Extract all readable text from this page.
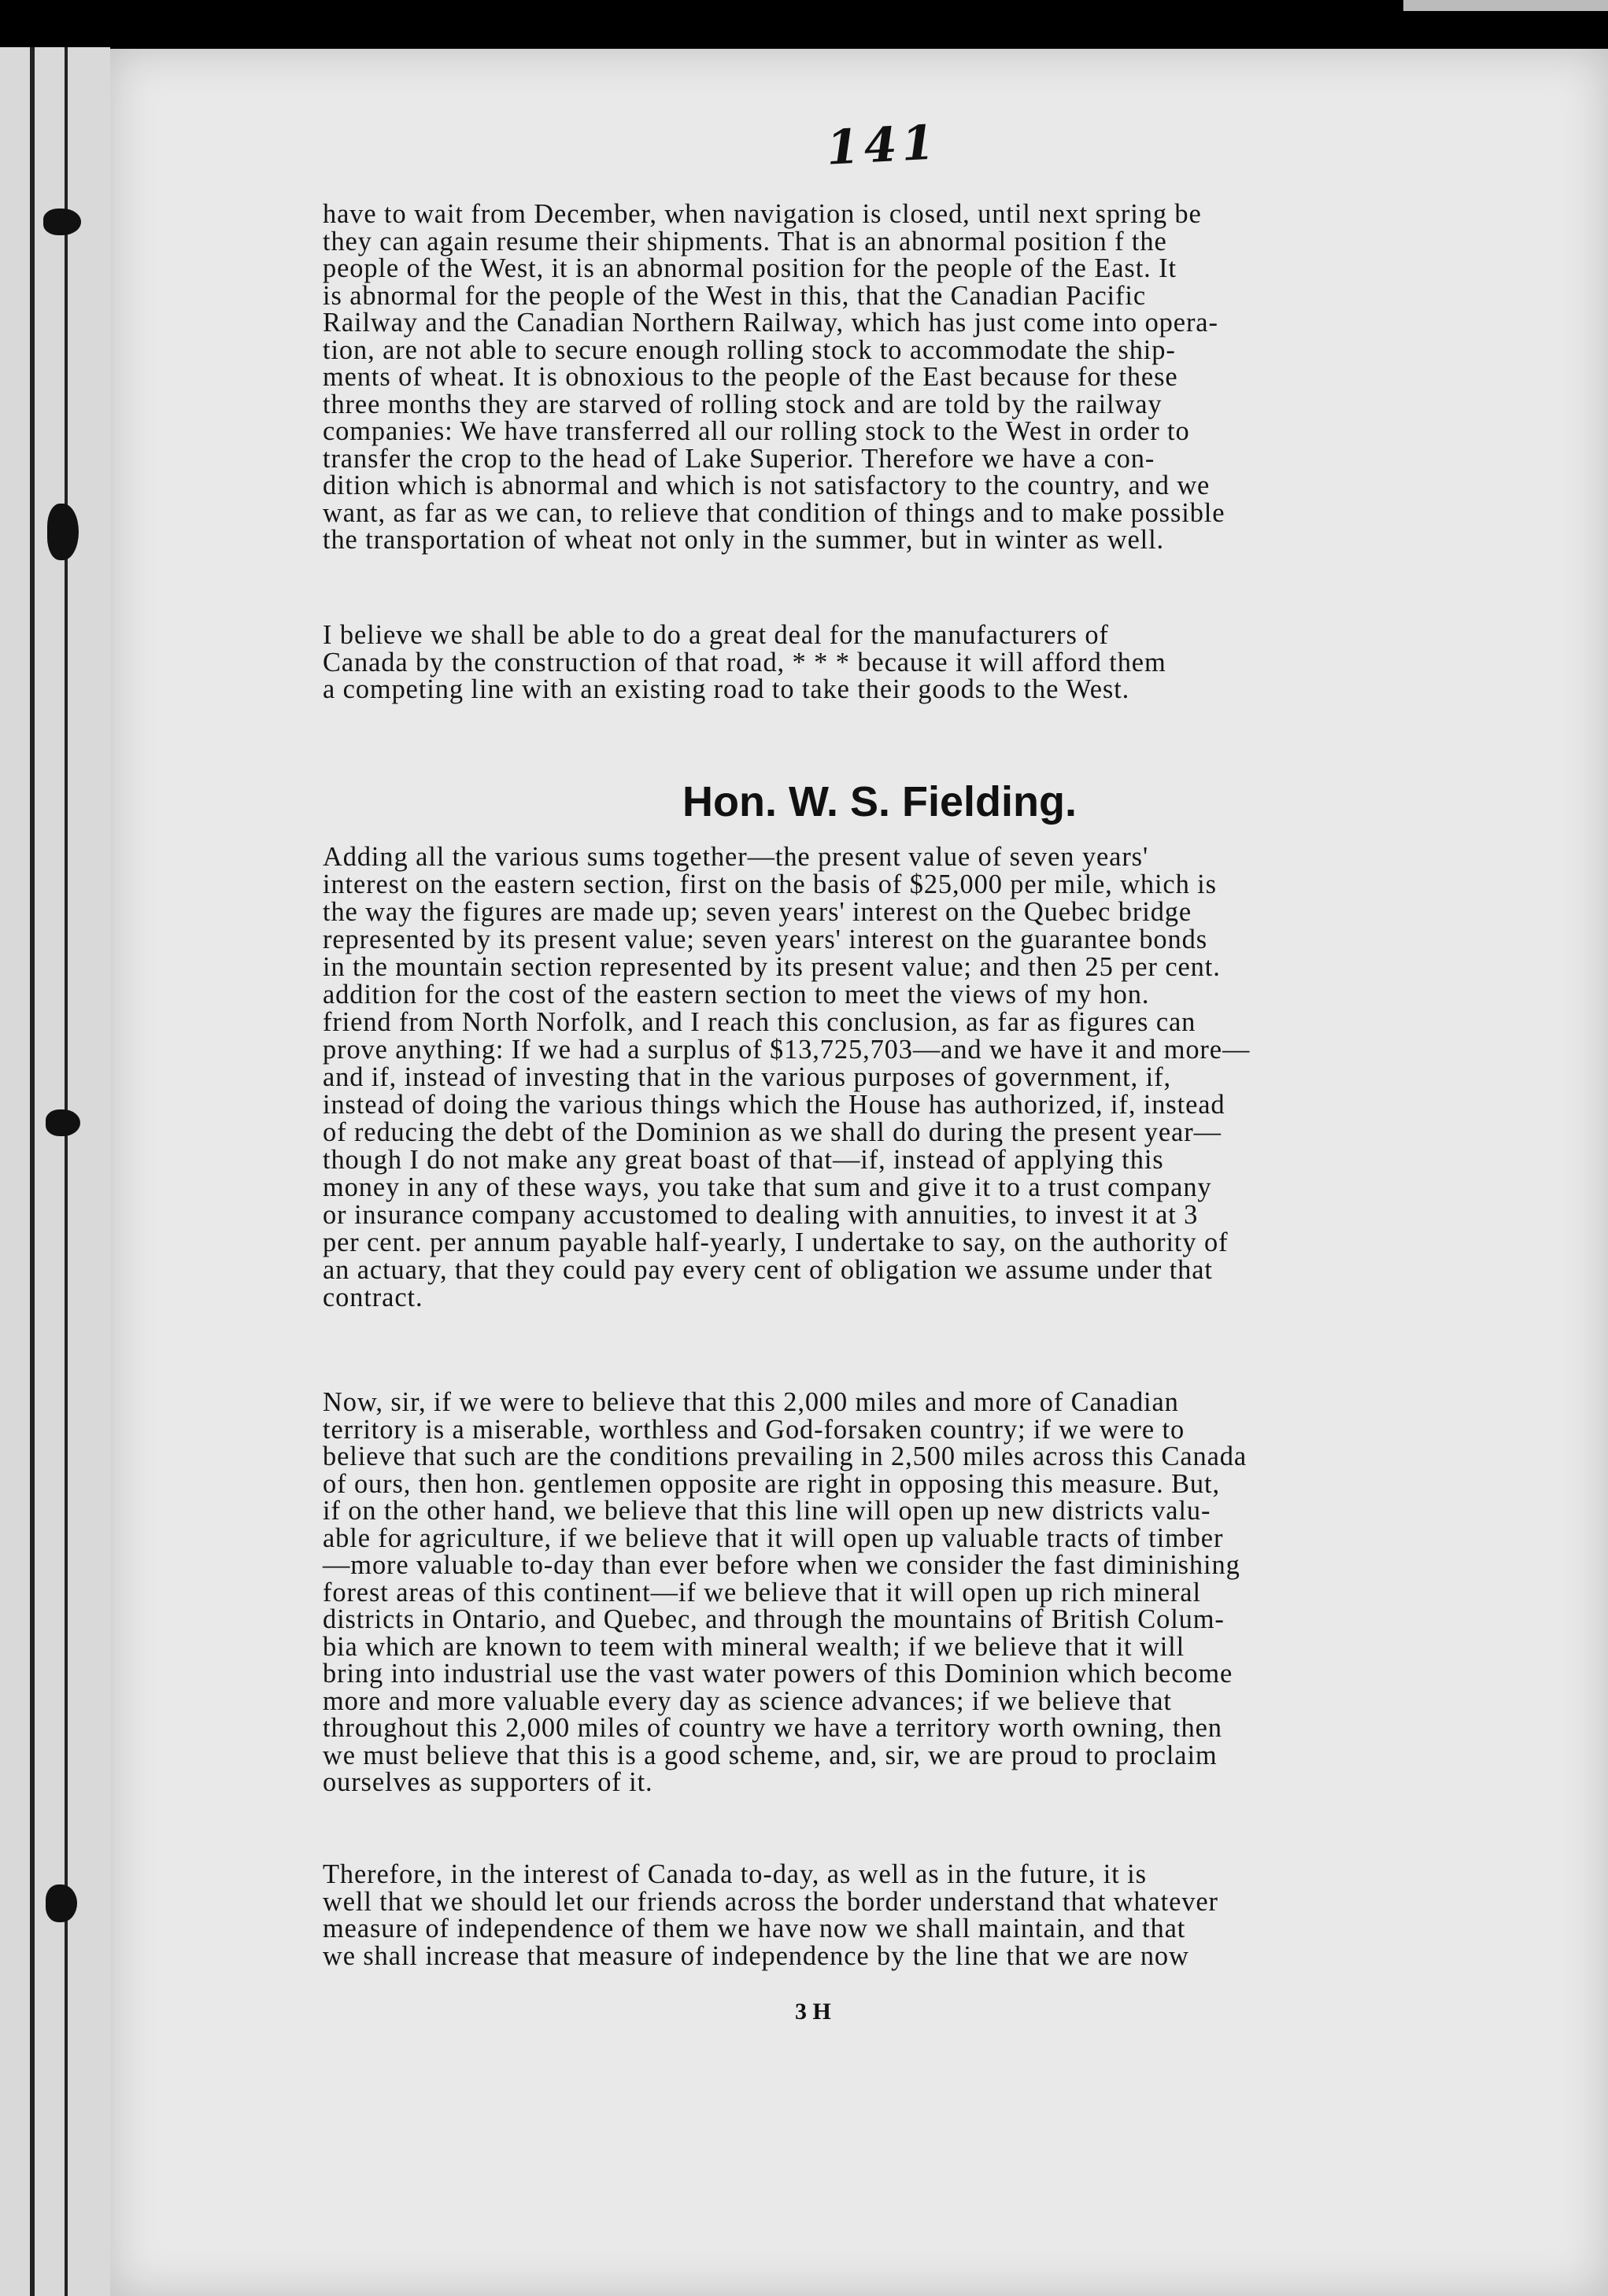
141
have to wait from December, when navigation is closed, until next spring be
they can again resume their shipments. That is an abnormal position f the
people of the West, it is an abnormal position for the people of the East. It
is abnormal for the people of the West in this, that the Canadian Pacific
Railway and the Canadian Northern Railway, which has just come into opera-
tion, are not able to secure enough rolling stock to accommodate the ship-
ments of wheat. It is obnoxious to the people of the East because for these
three months they are starved of rolling stock and are told by the railway
companies: We have transferred all our rolling stock to the West in order to
transfer the crop to the head of Lake Superior. Therefore we have a con-
dition which is abnormal and which is not satisfactory to the country, and we
want, as far as we can, to relieve that condition of things and to make possible
the transportation of wheat not only in the summer, but in winter as well.
I believe we shall be able to do a great deal for the manufacturers of
Canada by the construction of that road, * * * because it will afford them
a competing line with an existing road to take their goods to the West.
Hon. W. S. Fielding.
Adding all the various sums together—the present value of seven years'
interest on the eastern section, first on the basis of $25,000 per mile, which is
the way the figures are made up; seven years' interest on the Quebec bridge
represented by its present value; seven years' interest on the guarantee bonds
in the mountain section represented by its present value; and then 25 per cent.
addition for the cost of the eastern section to meet the views of my hon.
friend from North Norfolk, and I reach this conclusion, as far as figures can
prove anything: If we had a surplus of $13,725,703—and we have it and more—
and if, instead of investing that in the various purposes of government, if,
instead of doing the various things which the House has authorized, if, instead
of reducing the debt of the Dominion as we shall do during the present year—
though I do not make any great boast of that—if, instead of applying this
money in any of these ways, you take that sum and give it to a trust company
or insurance company accustomed to dealing with annuities, to invest it at 3
per cent. per annum payable half-yearly, I undertake to say, on the authority of
an actuary, that they could pay every cent of obligation we assume under that
contract.
Now, sir, if we were to believe that this 2,000 miles and more of Canadian
territory is a miserable, worthless and God-forsaken country; if we were to
believe that such are the conditions prevailing in 2,500 miles across this Canada
of ours, then hon. gentlemen opposite are right in opposing this measure. But,
if on the other hand, we believe that this line will open up new districts valu-
able for agriculture, if we believe that it will open up valuable tracts of timber
—more valuable to-day than ever before when we consider the fast diminishing
forest areas of this continent—if we believe that it will open up rich mineral
districts in Ontario, and Quebec, and through the mountains of British Colum-
bia which are known to teem with mineral wealth; if we believe that it will
bring into industrial use the vast water powers of this Dominion which become
more and more valuable every day as science advances; if we believe that
throughout this 2,000 miles of country we have a territory worth owning, then
we must believe that this is a good scheme, and, sir, we are proud to proclaim
ourselves as supporters of it.
Therefore, in the interest of Canada to-day, as well as in the future, it is
well that we should let our friends across the border understand that whatever
measure of independence of them we have now we shall maintain, and that
we shall increase that measure of independence by the line that we are now
3 H
